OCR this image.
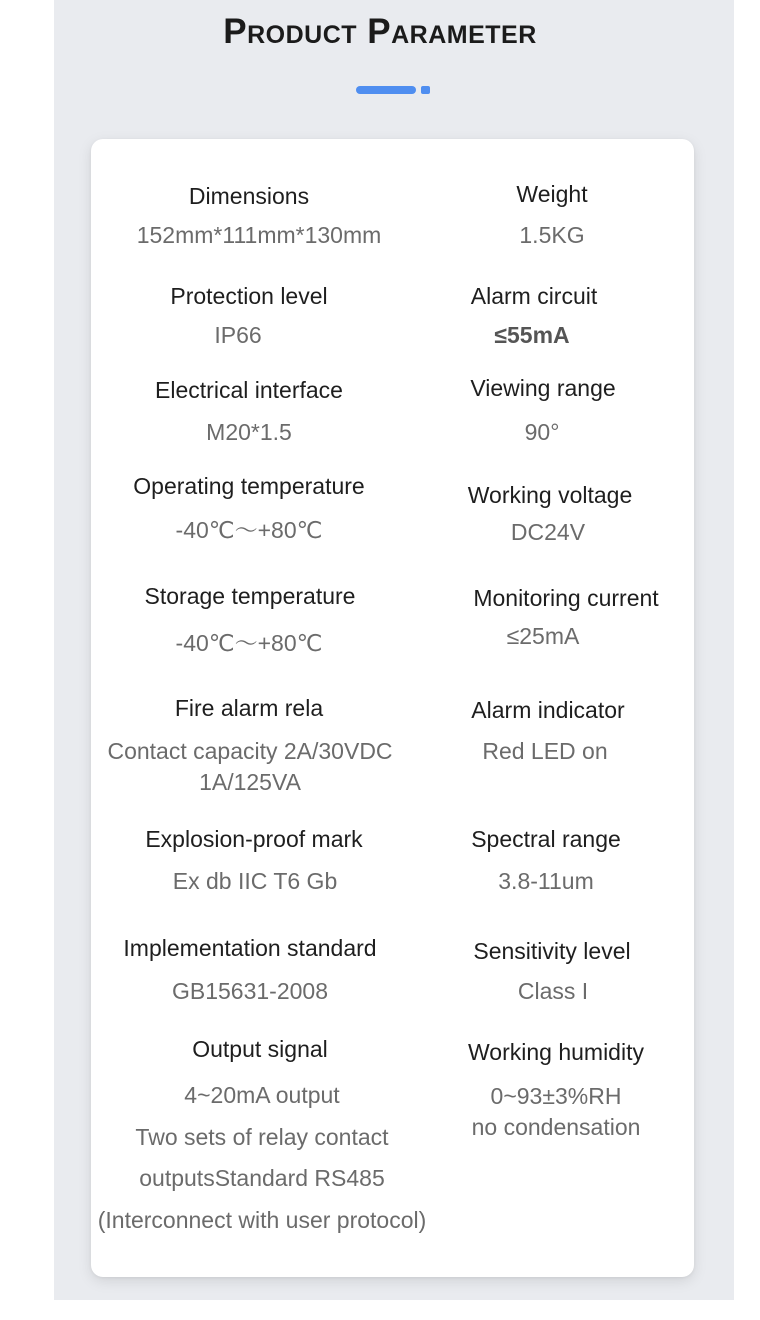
Product Parameter
Dimensions
152mm*111mm*130mm
Weight
1.5KG
Protection level
IP66
Alarm circuit
≤55mA
Electrical interface
M20*1.5
Viewing range
90°
Operating temperature
-40℃～+80℃
Working voltage
DC24V
Storage temperature
-40℃～+80℃
Monitoring current
≤25mA
Fire alarm rela
Contact capacity 2A/30VDC
1A/125VA
Alarm indicator
Red LED on
Explosion-proof mark
Ex db IIC T6 Gb
Spectral range
3.8-11um
Implementation standard
GB15631-2008
Sensitivity level
Class I
Output signal
4~20mA output
Two sets of relay contact
outputsStandard RS485
(Interconnect with user protocol)
Working humidity
0~93±3%RH
no condensation
